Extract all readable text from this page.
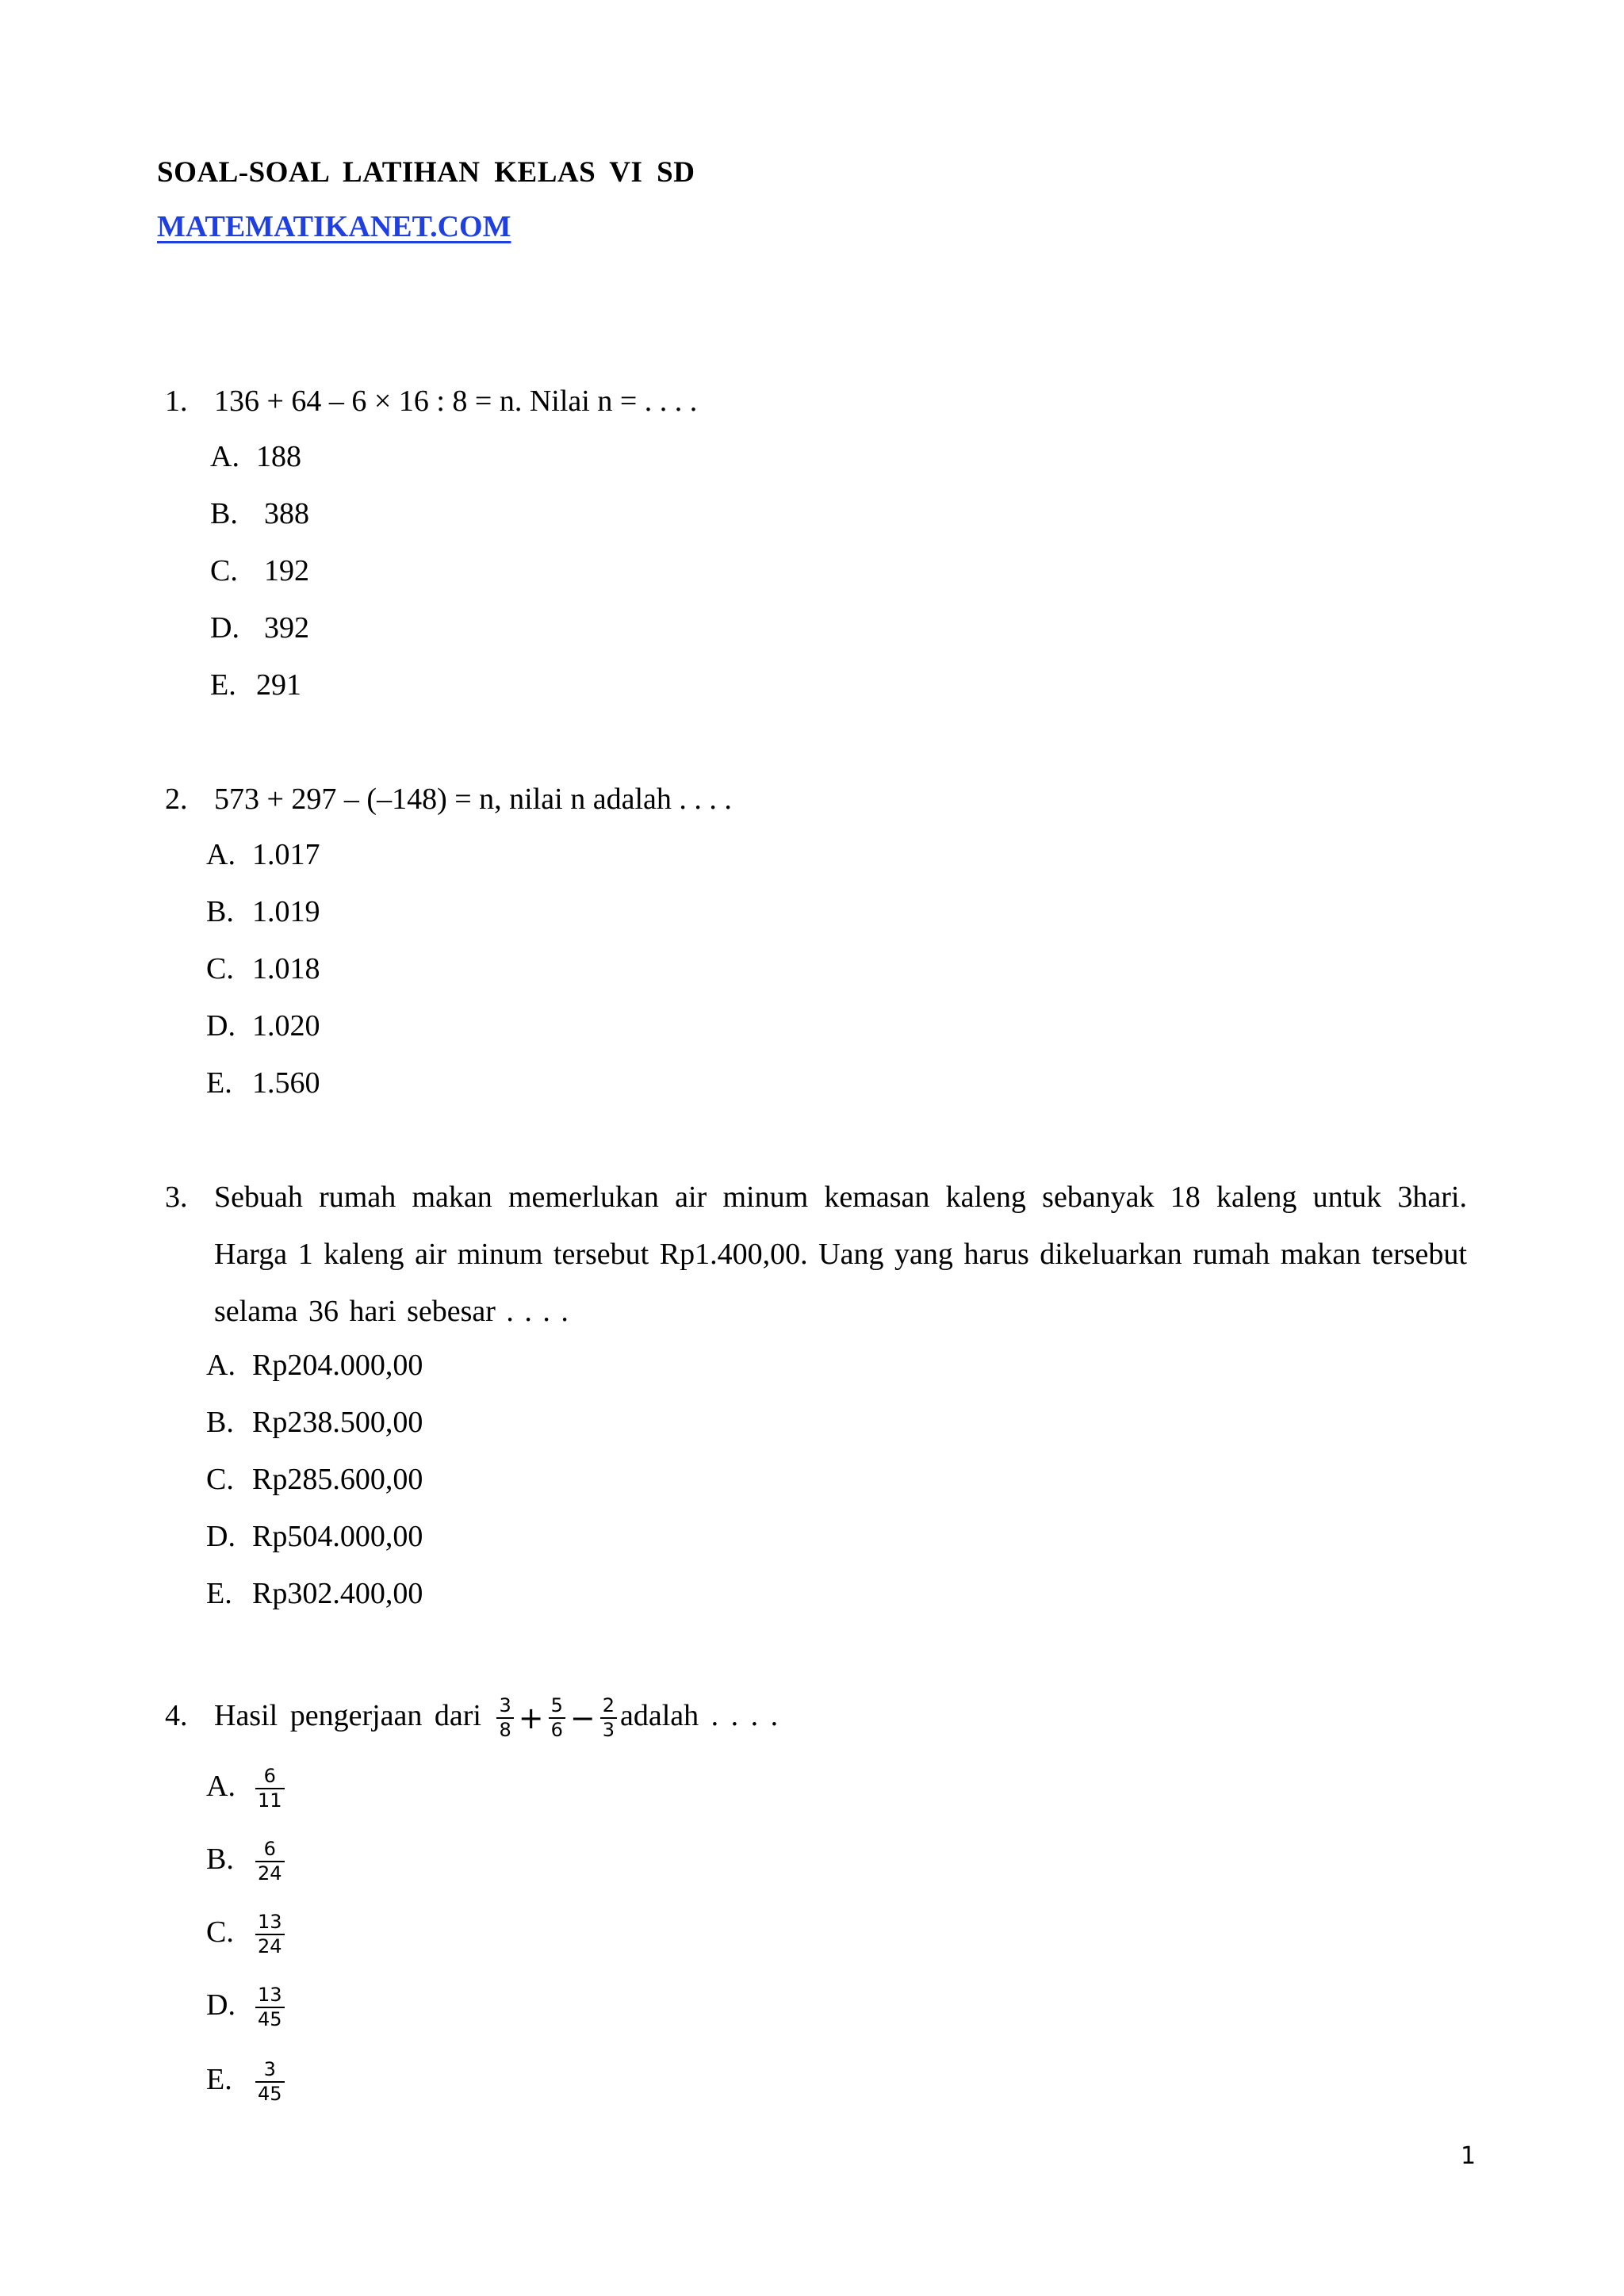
SOAL-SOAL LATIHAN KELAS VI SD
MATEMATIKANET.COM
1. 136 + 64 – 6 × 16 : 8 = n. Nilai n = . . . .
A. 188
B. 388
C. 192
D. 392
E. 291
2. 573 + 297 – (–148) = n, nilai n adalah . . . .
A. 1.017
B. 1.019
C. 1.018
D. 1.020
E. 1.560
3. Sebuah rumah makan memerlukan air minum kemasan kaleng sebanyak 18 kaleng untuk 3hari. Harga 1 kaleng air minum tersebut Rp1.400,00. Uang yang harus dikeluarkan rumah makan tersebut selama 36 hari sebesar . . . .
A. Rp204.000,00
B. Rp238.500,00
C. Rp285.600,00
D. Rp504.000,00
E. Rp302.400,00
4. Hasil pengerjaan dari $\frac{3}{8} + \frac{5}{6} - \frac{2}{3}$ adalah . . . .
A. $\frac{6}{11}$
B. $\frac{6}{24}$
C. $\frac{13}{24}$
D. $\frac{13}{45}$
E. $\frac{3}{45}$
1
